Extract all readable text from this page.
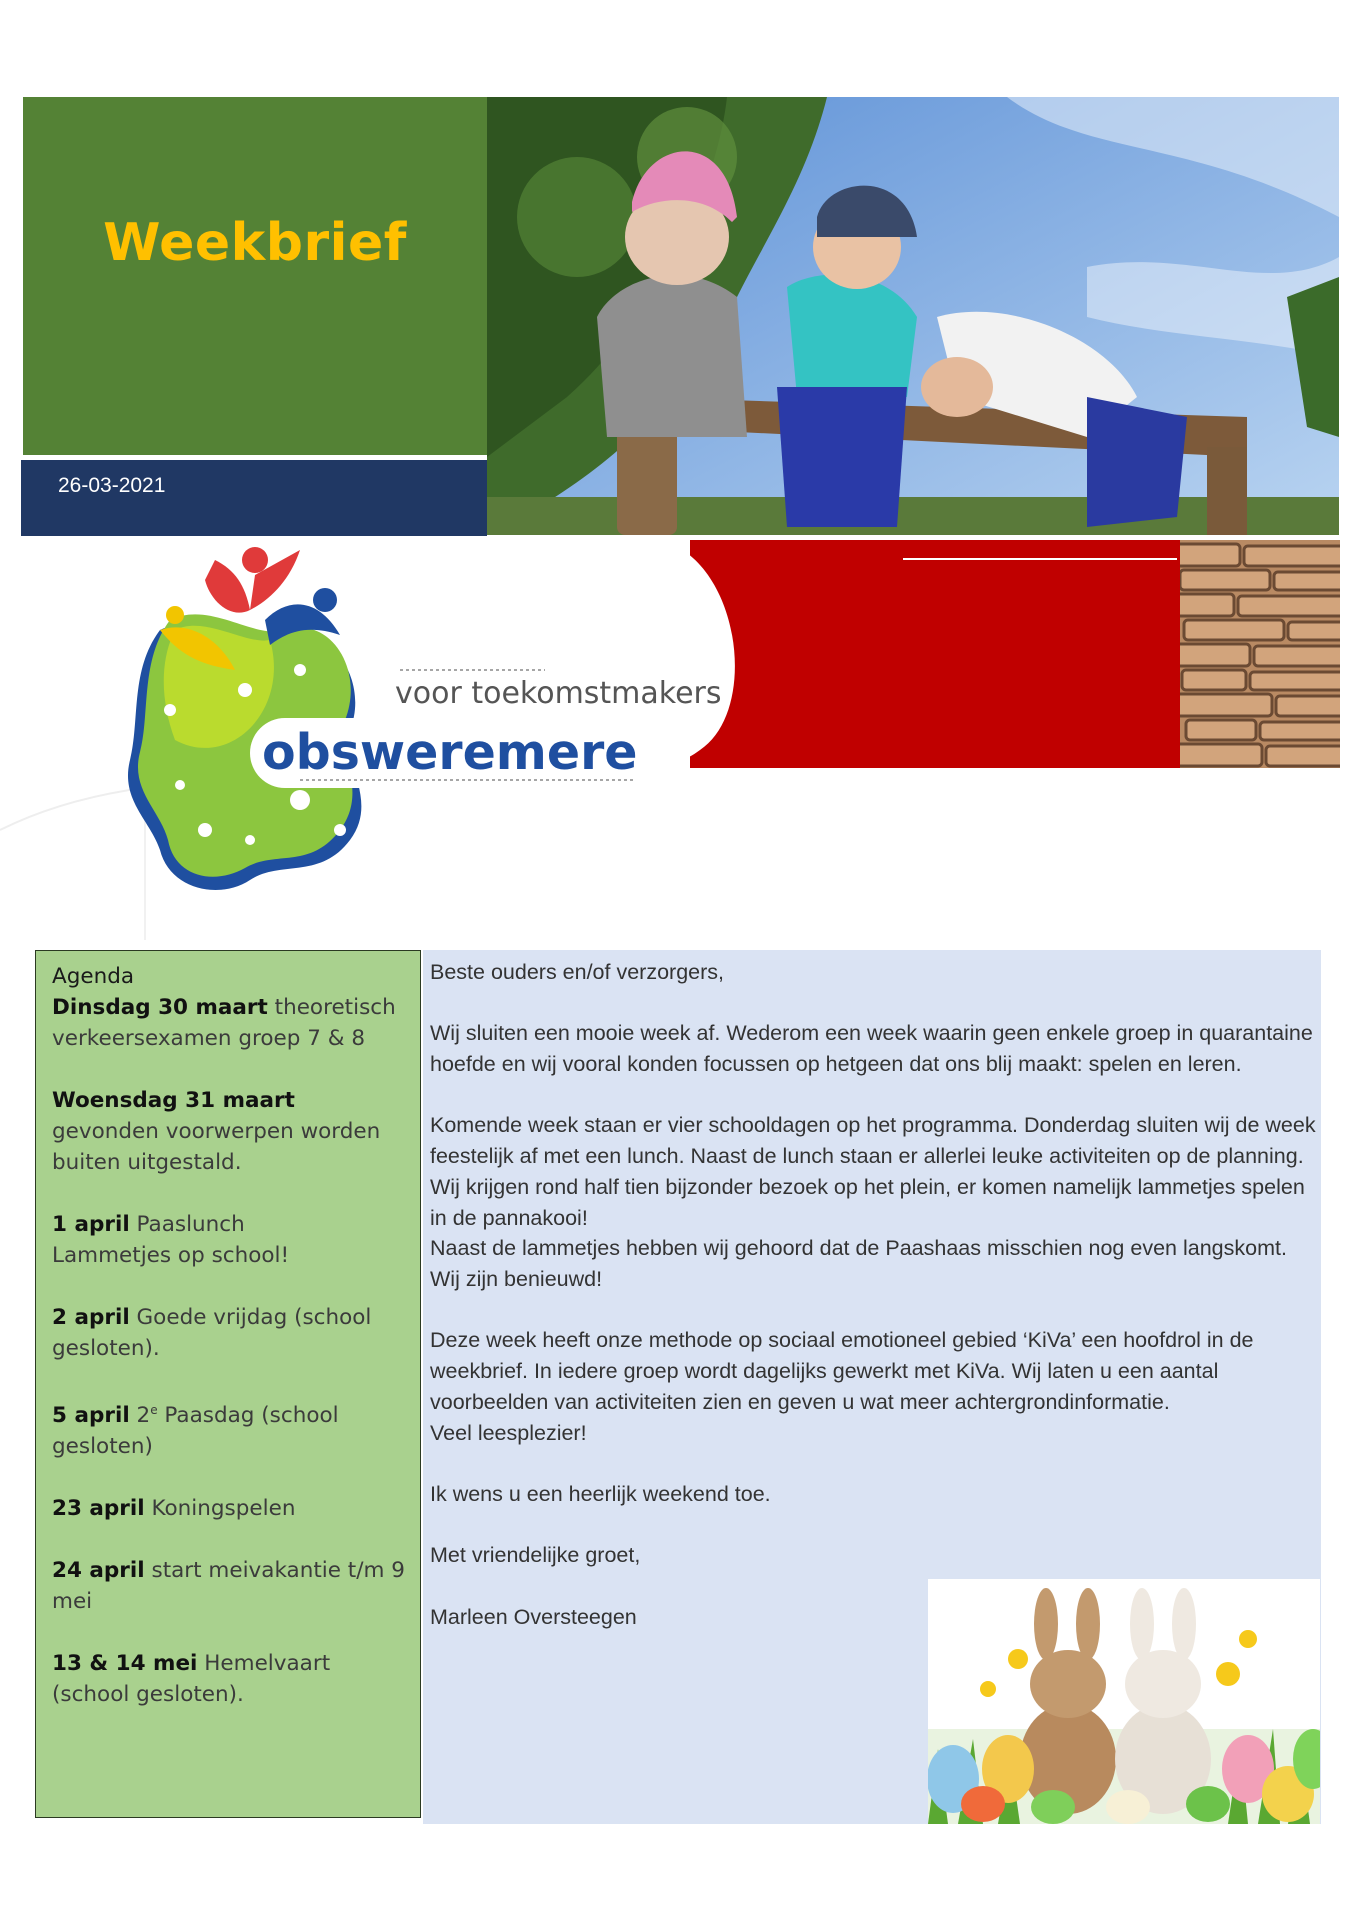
Weekbrief
26-03-2021
voor toekomstmakers
obsweremere
Agenda
Dinsdag 30 maart theoretisch verkeersexamen groep 7 & 8
Woensdag 31 maart gevonden voorwerpen worden buiten uitgestald.
1 april Paaslunch
Lammetjes op school!
2 april Goede vrijdag (school gesloten).
5 april 2e Paasdag (school gesloten)
23 april Koningspelen
24 april start meivakantie t/m 9 mei
13 & 14 mei Hemelvaart (school gesloten).

Beste ouders en/of verzorgers,

Wij sluiten een mooie week af. Wederom een week waarin geen enkele groep in quarantaine hoefde en wij vooral konden focussen op hetgeen dat ons blij maakt: spelen en leren.

Komende week staan er vier schooldagen op het programma. Donderdag sluiten wij de week feestelijk af met een lunch. Naast de lunch staan er allerlei leuke activiteiten op de planning. Wij krijgen rond half tien bijzonder bezoek op het plein, er komen namelijk lammetjes spelen in de pannakooi!
Naast de lammetjes hebben wij gehoord dat de Paashaas misschien nog even langskomt. Wij zijn benieuwd!

Deze week heeft onze methode op sociaal emotioneel gebied ‘KiVa’ een hoofdrol in de weekbrief. In iedere groep wordt dagelijks gewerkt met KiVa. Wij laten u een aantal voorbeelden van activiteiten zien en geven u wat meer achtergrondinformatie.
Veel leesplezier!

Ik wens u een heerlijk weekend toe.

Met vriendelijke groet,

Marleen Oversteegen
